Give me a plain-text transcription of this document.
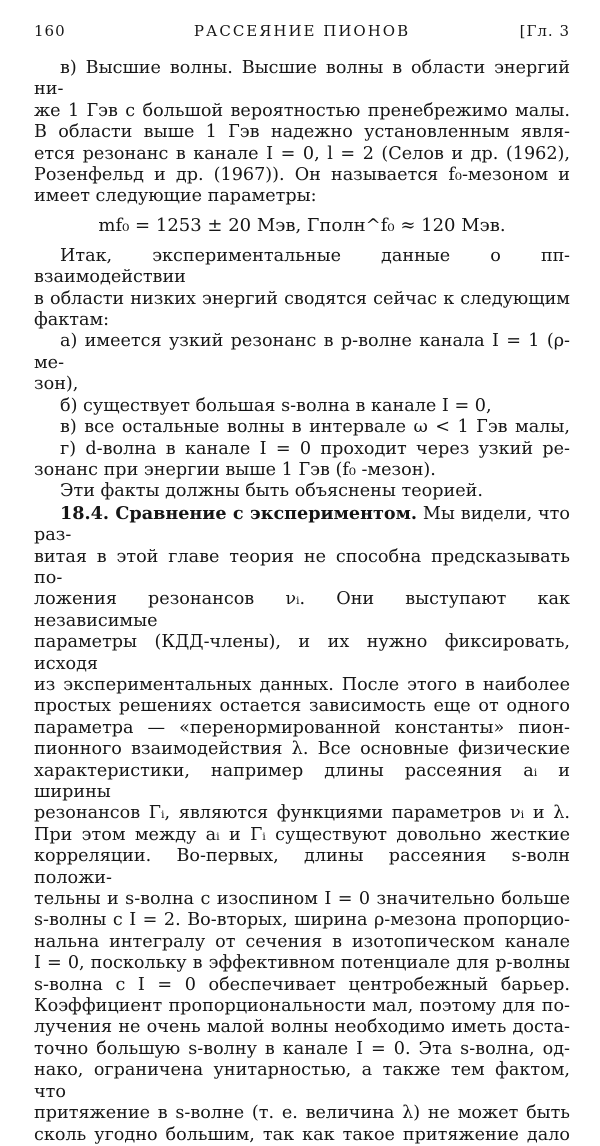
160	РАССЕЯНИЕ ПИОНОВ	[Гл. 3

в) Высшие волны. Высшие волны в области энергий ни-

же 1 Гэв с большой вероятностью пренебрежимо малы.

В области выше 1 Гэв надежно установленным явля-

ется резонанс в канале I = 0, l = 2 (Селов и др. (1962),

Розенфельд и др. (1967)). Он называется f₀-мезоном и

имеет следующие параметры:

mf₀ = 1253 ± 20 Мэв, Γполн^f₀ ≈ 120 Мэв.

Итак, экспериментальные данные о ππ-взаимодействии

в области низких энергий сводятся сейчас к следующим

фактам:

а) имеется узкий резонанс в p-волне канала I = 1 (ρ-ме-

зон),

б) существует большая s-волна в канале I = 0,

в) все остальные волны в интервале ω < 1 Гэв малы,

г) d-волна в канале I = 0 проходит через узкий ре-

зонанс при энергии выше 1 Гэв (f₀ -мезон).

Эти факты должны быть объяснены теорией.

18.4. Сравнение с экспериментом. Мы видели, что раз-

витая в этой главе теория не способна предсказывать по-

ложения резонансов νᵢ. Они выступают как независимые

параметры (КДД-члены), и их нужно фиксировать, исходя

из экспериментальных данных. После этого в наиболее

простых решениях остается зависимость еще от одного

параметра — «перенормированной константы» пион-

пионного взаимодействия λ. Все основные физические

характеристики, например длины рассеяния aᵢ и ширины

резонансов Γᵢ, являются функциями параметров νᵢ и λ.

При этом между aᵢ и Γᵢ существуют довольно жесткие

корреляции. Во-первых, длины рассеяния s-волн положи-

тельны и s-волна с изоспином I = 0 значительно больше

s-волны с I = 2. Во-вторых, ширина ρ-мезона пропорцио-

нальна интегралу от сечения в изотопическом канале

I = 0, поскольку в эффективном потенциале для p-волны

s-волна с I = 0 обеспечивает центробежный барьер.

Коэффициент пропорциональности мал, поэтому для по-

лучения не очень малой волны необходимо иметь доста-

точно большую s-волну в канале I = 0. Эта s-волна, од-

нако, ограничена унитарностью, а также тем фактом, что

притяжение в s-волне (т. е. величина λ) не может быть

сколь угодно большим, так как такое притяжение дало
